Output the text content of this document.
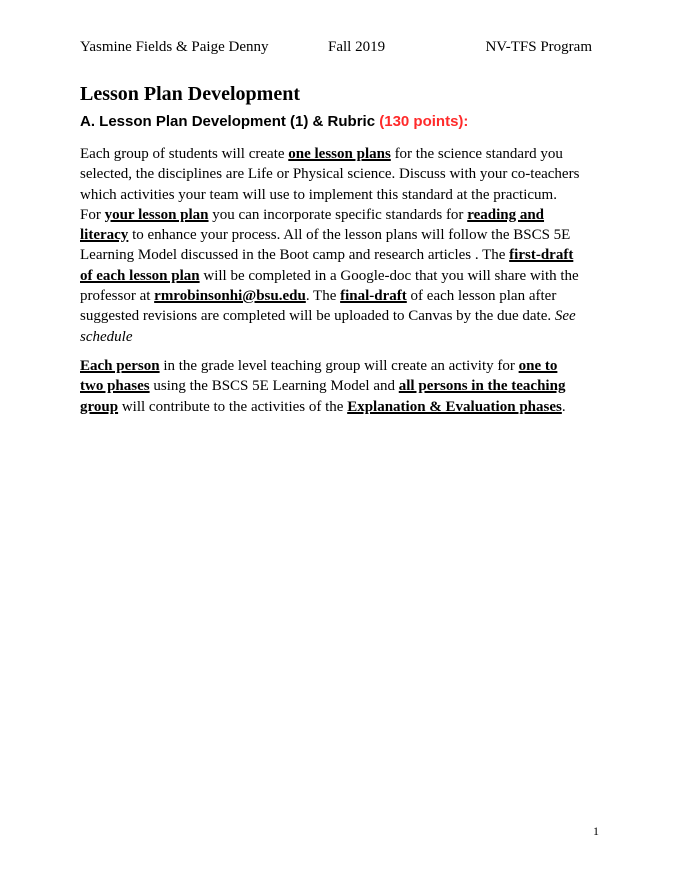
Yasmine Fields & Paige Denny	Fall 2019	NV-TFS Program
Lesson Plan Development
A. Lesson Plan Development (1) & Rubric (130 points):

Each group of students will create one lesson plans for the science standard you
selected, the disciplines are Life or Physical science. Discuss with your co-teachers
which activities your team will use to implement this standard at the practicum.
For your lesson plan you can incorporate specific standards for reading and
literacy to enhance your process. All of the lesson plans will follow the BSCS 5E
Learning Model discussed in the Boot camp and research articles . The first-draft
of each lesson plan will be completed in a Google-doc that you will share with the
professor at rmrobinsonhi@bsu.edu. The final-draft of each lesson plan after
suggested revisions are completed will be uploaded to Canvas by the due date. See
schedule

Each person in the grade level teaching group will create an activity for one to
two phases using the BSCS 5E Learning Model and all persons in the teaching
group will contribute to the activities of the Explanation & Evaluation phases.

1
